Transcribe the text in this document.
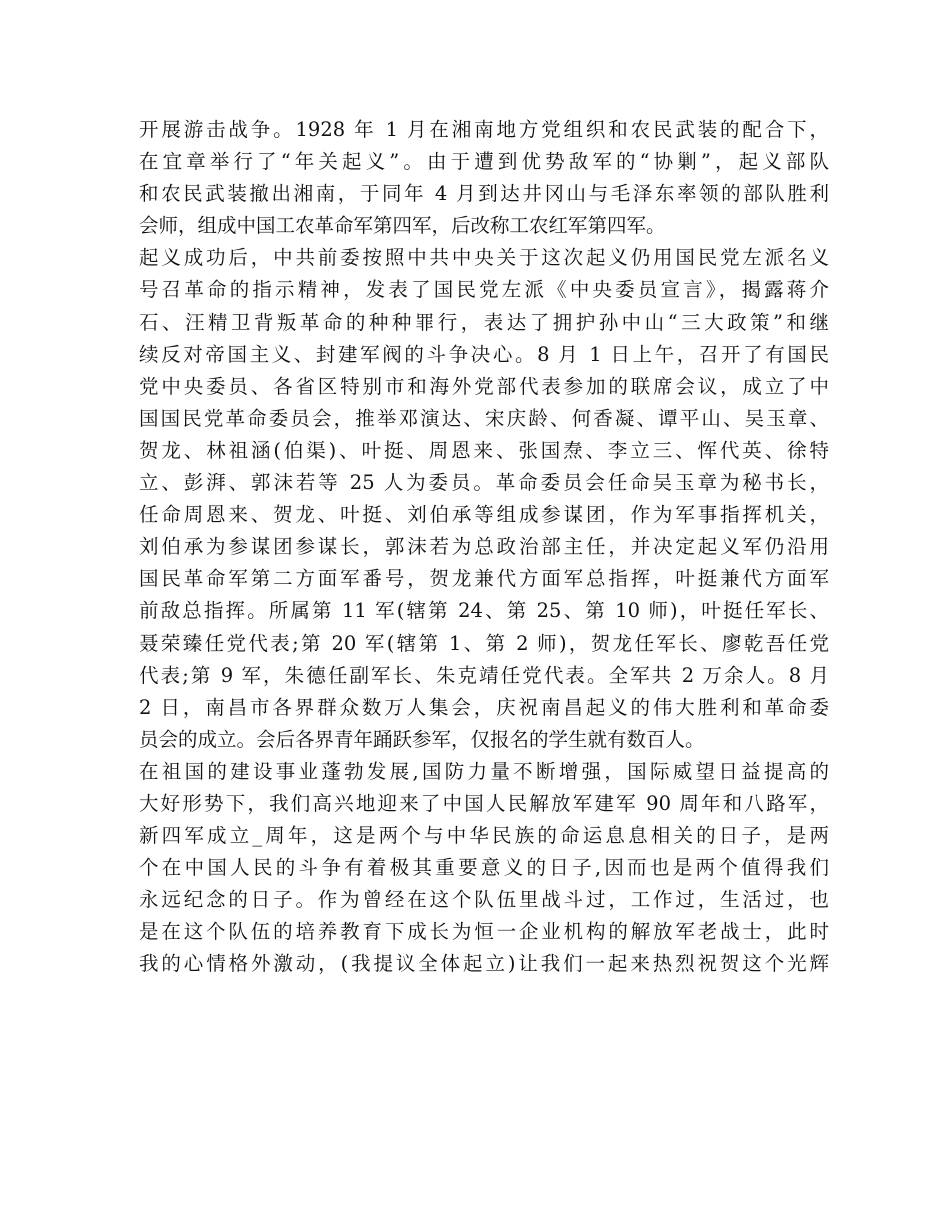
开展游击战争。1928 年 1 月在湘南地方党组织和农民武装的配合下，
在宜章举行了“年关起义”。由于遭到优势敌军的“协剿”，起义部队
和农民武装撤出湘南，于同年 4 月到达井冈山与毛泽东率领的部队胜利
会师，组成中国工农革命军第四军，后改称工农红军第四军。
起义成功后，中共前委按照中共中央关于这次起义仍用国民党左派名义
号召革命的指示精神，发表了国民党左派《中央委员宣言》，揭露蒋介
石、汪精卫背叛革命的种种罪行，表达了拥护孙中山“三大政策”和继
续反对帝国主义、封建军阀的斗争决心。8 月 1 日上午，召开了有国民
党中央委员、各省区特别市和海外党部代表参加的联席会议，成立了中
国国民党革命委员会，推举邓演达、宋庆龄、何香凝、谭平山、吴玉章、
贺龙、林祖涵(伯渠)、叶挺、周恩来、张国焘、李立三、恽代英、徐特
立、彭湃、郭沫若等 25 人为委员。革命委员会任命吴玉章为秘书长，
任命周恩来、贺龙、叶挺、刘伯承等组成参谋团，作为军事指挥机关，
刘伯承为参谋团参谋长，郭沫若为总政治部主任，并决定起义军仍沿用
国民革命军第二方面军番号，贺龙兼代方面军总指挥，叶挺兼代方面军
前敌总指挥。所属第 11 军(辖第 24、第 25、第 10 师)，叶挺任军长、
聂荣臻任党代表;第 20 军(辖第 1、第 2 师)，贺龙任军长、廖乾吾任党
代表;第 9 军，朱德任副军长、朱克靖任党代表。全军共 2 万余人。8 月
2 日，南昌市各界群众数万人集会，庆祝南昌起义的伟大胜利和革命委
员会的成立。会后各界青年踊跃参军，仅报名的学生就有数百人。
在祖国的建设事业蓬勃发展,国防力量不断增强，国际威望日益提高的
大好形势下，我们高兴地迎来了中国人民解放军建军 90 周年和八路军，
新四军成立_周年，这是两个与中华民族的命运息息相关的日子，是两
个在中国人民的斗争有着极其重要意义的日子,因而也是两个值得我们
永远纪念的日子。作为曾经在这个队伍里战斗过，工作过，生活过，也
是在这个队伍的培养教育下成长为恒一企业机构的解放军老战士，此时
我的心情格外激动，(我提议全体起立)让我们一起来热烈祝贺这个光辉
